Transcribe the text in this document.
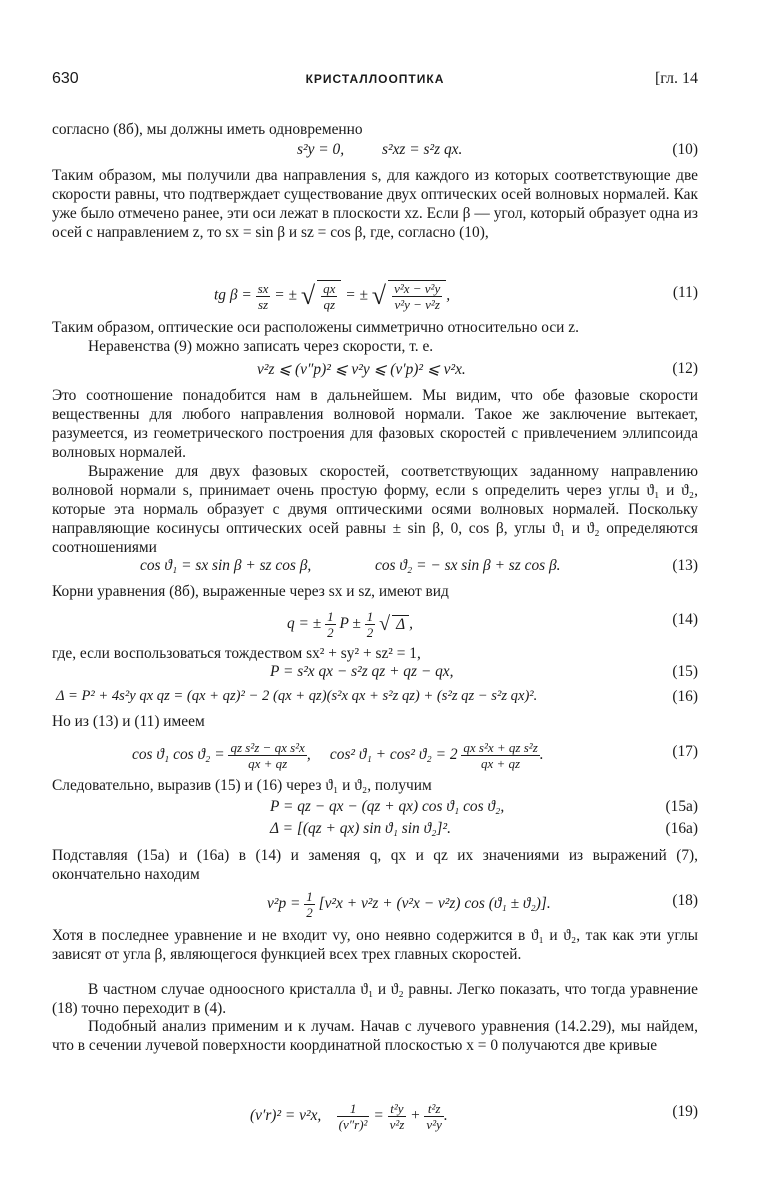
630	КРИСТАЛЛООПТИКА	[гл. 14

согласно (8б), мы должны иметь одновременно

s²y = 0, s²xz = s²z qx.	(10)

Таким образом, мы получили два направления s, для каждого из которых соответствующие две скорости равны, что подтверждает существование двух оптических осей волновых нормалей. Как уже было отмечено ранее, эти оси лежат в плоскости xz. Если β — угол, который образует одна из осей с направлением z, то sx = sin β и sz = cos β, где, согласно (10),

tg $\beta = \frac{sx}{sz}$ = ± √ $\frac{qx}{qz}$ = ± √ $\frac{\text{v²x − v²y}}{\text{v²y − v²z}}$ ,	(11)

Таким образом, оптические оси расположены симметрично относительно оси z.

Неравенства (9) можно записать через скорости, т. е.

v²z ⩽ (v″p)² ⩽ v²y ⩽ (v′p)² ⩽ v²x.	(12)

Это соотношение понадобится нам в дальнейшем. Мы видим, что обе фазовые скорости вещественны для любого направления волновой нормали. Такое же заключение вытекает, разумеется, из геометрического построения для фазовых скоростей с привлечением эллипсоида волновых нормалей.

Выражение для двух фазовых скоростей, соответствующих заданному направлению волновой нормали s, принимает очень простую форму, если s определить через углы ϑ₁ и ϑ₂, которые эта нормаль образует с двумя оптическими осями волновых нормалей. Поскольку направляющие косинусы оптических осей равны ± sin β, 0, cos β, углы ϑ₁ и ϑ₂ определяются соотношениями

cos ϑ₁ = sx sin β + sz cos β,	cos ϑ₂ = − sx sin β + sz cos β.	(13)

Корни уравнения (8б), выраженные через sx и sz, имеют вид

q = ± $\frac{1}{2}$ $P \pm \frac{1}{2}$ √ Δ ,	(14)

где, если воспользоваться тождеством sx² + sy² + sz² = 1,

P = s²x qx − s²z qz + qz − qx,	(15)
Δ = P² + 4s²y qx qz = (qx + qz)² − 2 (qx + qz)(s²x qx + s²z qz) + (s²z qz − s²z qx)².	(16)

Но из (13) и (11) имеем

cos ϑ₁ $\cos ϑ_2 = \frac{\text{qz s²z − qx s²x}}{qx + qz}$ ,     cos² ϑ₁ + cos² $ϑ_2 = 2 \frac{\text{qx s²x + qz s²z}}{qx + qz}$ .	(17)

Следовательно, выразив (15) и (16) через ϑ₁ и ϑ₂, получим

P = qz − qx − (qz + qx) cos ϑ₁ cos ϑ₂,	(15а)
Δ = [(qz + qx) sin ϑ₁ sin ϑ₂]².	(16а)

Подставляя (15а) и (16а) в (14) и заменяя q, qx и qz их значениями из выражений (7), окончательно находим

$v^2p = \frac{1}{2} [v^2x + v^2z + (v^2x - v^2z)$ cos (ϑ₁ ± ϑ₂)].	(18)

Хотя в последнее уравнение и не входит vy, оно неявно содержится в ϑ₁ и ϑ₂, так как эти углы зависят от угла β, являющегося функцией всех трех главных скоростей.

В частном случае одноосного кристалла ϑ₁ и ϑ₂ равны. Легко показать, что тогда уравнение (18) точно переходит в (4).

Подобный анализ применим и к лучам. Начав с лучевого уравнения (14.2.29), мы найдем, что в сечении лучевой поверхности координатной плоскостью x = 0 получаются две кривые

(v′r)² = v²x, $\frac{1}{\text{(v″r)²}} = \frac{\text{t²y}}{\text{v²z}} + \frac{\text{t²z}}{\text{v²y}}$ .	(19)
